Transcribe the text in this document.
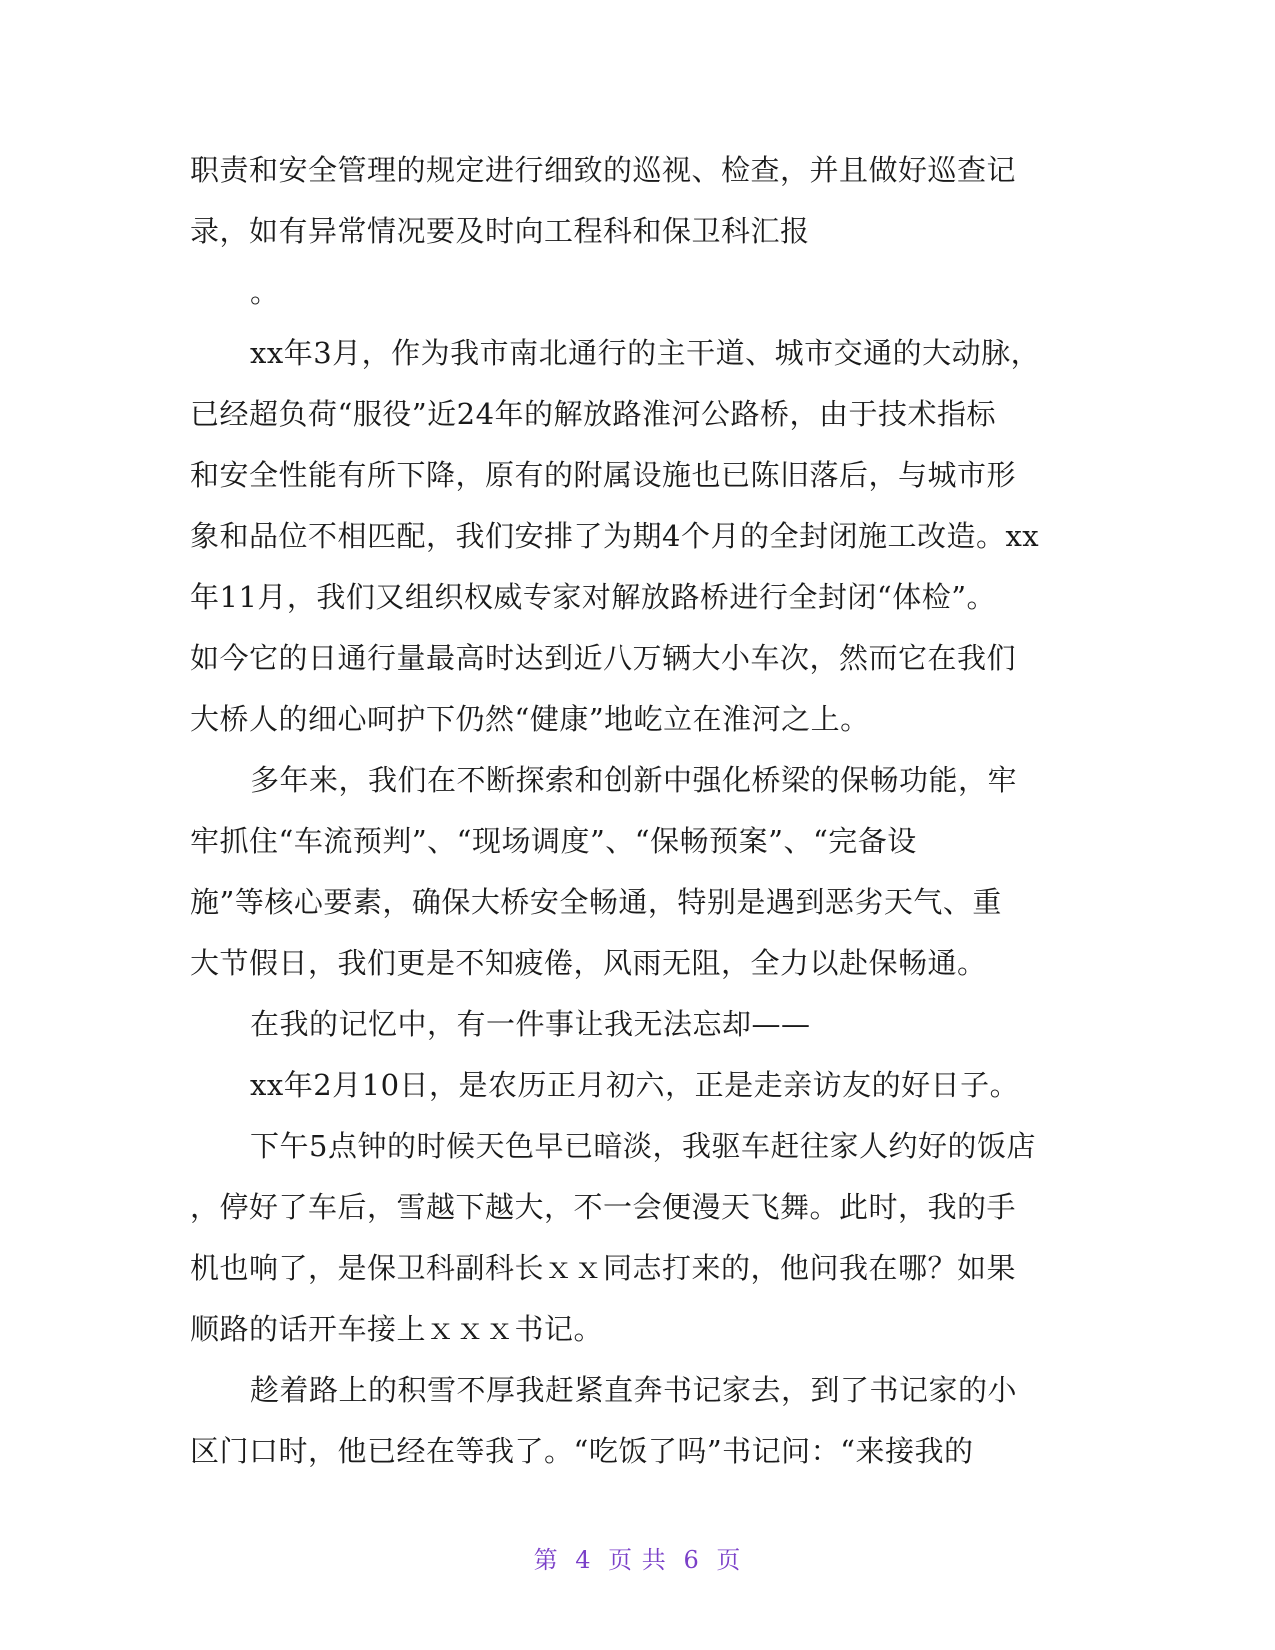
职责和安全管理的规定进行细致的巡视、检查，并且做好巡查记
录，如有异常情况要及时向工程科和保卫科汇报
。
xx年3月，作为我市南北通行的主干道、城市交通的大动脉，
已经超负荷“服役”近24年的解放路淮河公路桥，由于技术指标
和安全性能有所下降，原有的附属设施也已陈旧落后，与城市形
象和品位不相匹配，我们安排了为期4个月的全封闭施工改造。xx
年11月，我们又组织权威专家对解放路桥进行全封闭“体检”。
如今它的日通行量最高时达到近八万辆大小车次，然而它在我们
大桥人的细心呵护下仍然“健康”地屹立在淮河之上。
多年来，我们在不断探索和创新中强化桥梁的保畅功能，牢
牢抓住“车流预判”、“现场调度”、“保畅预案”、“完备设
施”等核心要素，确保大桥安全畅通，特别是遇到恶劣天气、重
大节假日，我们更是不知疲倦，风雨无阻，全力以赴保畅通。
在我的记忆中，有一件事让我无法忘却——
xx年2月10日，是农历正月初六，正是走亲访友的好日子。
下午5点钟的时候天色早已暗淡，我驱车赶往家人约好的饭店
，停好了车后，雪越下越大，不一会便漫天飞舞。此时，我的手
机也响了，是保卫科副科长ｘｘ同志打来的，他问我在哪？如果
顺路的话开车接上ｘｘｘ书记。
趁着路上的积雪不厚我赶紧直奔书记家去，到了书记家的小
区门口时，他已经在等我了。“吃饭了吗”书记问：“来接我的
第 4 页 共 6 页
